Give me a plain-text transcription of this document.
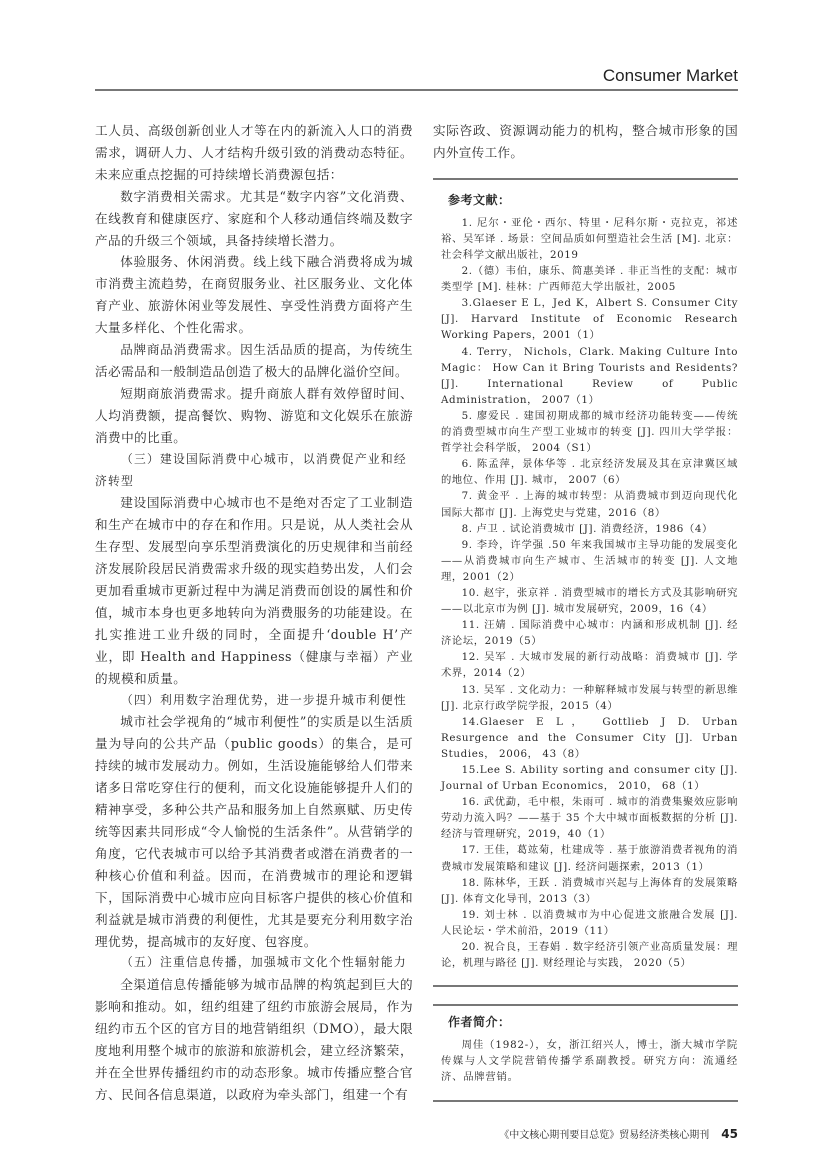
Consumer Market

工人员、高级创新创业人才等在内的新流入人口的消费需求，调研人力、人才结构升级引致的消费动态特征。未来应重点挖掘的可持续增长消费源包括：

数字消费相关需求。尤其是“数字内容”文化消费、在线教育和健康医疗、家庭和个人移动通信终端及数字产品的升级三个领域，具备持续增长潜力。

体验服务、休闲消费。线上线下融合消费将成为城市消费主流趋势，在商贸服务业、社区服务业、文化体育产业、旅游休闲业等发展性、享受性消费方面将产生大量多样化、个性化需求。

品牌商品消费需求。因生活品质的提高，为传统生活必需品和一般制造品创造了极大的品牌化溢价空间。

短期商旅消费需求。提升商旅人群有效停留时间、人均消费额，提高餐饮、购物、游览和文化娱乐在旅游消费中的比重。

（三）建设国际消费中心城市，以消费促产业和经济转型

建设国际消费中心城市也不是绝对否定了工业制造和生产在城市中的存在和作用。只是说，从人类社会从生存型、发展型向享乐型消费演化的历史规律和当前经济发展阶段居民消费需求升级的现实趋势出发，人们会更加看重城市更新过程中为满足消费而创设的属性和价值，城市本身也更多地转向为消费服务的功能建设。在扎实推进工业升级的同时，全面提升‘double H’产业，即 Health and Happiness（健康与幸福）产业的规模和质量。

（四）利用数字治理优势，进一步提升城市利便性

城市社会学视角的“城市利便性”的实质是以生活质量为导向的公共产品（public goods）的集合，是可持续的城市发展动力。例如，生活设施能够给人们带来诸多日常吃穿住行的便利，而文化设施能够提升人们的精神享受，多种公共产品和服务加上自然禀赋、历史传统等因素共同形成“令人愉悦的生活条件”。从营销学的角度，它代表城市可以给予其消费者或潜在消费者的一种核心价值和利益。因而，在消费城市的理论和逻辑下，国际消费中心城市应向目标客户提供的核心价值和利益就是城市消费的利便性，尤其是要充分利用数字治理优势，提高城市的友好度、包容度。

（五）注重信息传播，加强城市文化个性辐射能力

全渠道信息传播能够为城市品牌的构筑起到巨大的影响和推动。如，纽约组建了纽约市旅游会展局，作为纽约市五个区的官方目的地营销组织（DMO），最大限度地利用整个城市的旅游和旅游机会，建立经济繁荣，并在全世界传播纽约市的动态形象。城市传播应整合官方、民间各信息渠道，以政府为牵头部门，组建一个有

实际咨政、资源调动能力的机构，整合城市形象的国内外宣传工作。

参考文献：

1. 尼尔・亚伦・西尔、特里・尼科尔斯・克拉克，祁述裕、吴军译 . 场景：空间品质如何塑造社会生活 [M]. 北京：社会科学文献出版社，2019

2.（德）韦伯，康乐、简惠美译 . 非正当性的支配：城市类型学 [M]. 桂林：广西师范大学出版社，2005

3.Glaeser E L，Jed K，Albert S. Consumer City [J]. Harvard Institute of Economic Research Working Papers，2001（1）

4. Terry， Nichols，Clark. Making Culture Into Magic： How Can it Bring Tourists and Residents?[J]. International Review of Public Administration， 2007（1）

5. 廖爱民 . 建国初期成都的城市经济功能转变——传统的消费型城市向生产型工业城市的转变 [J]. 四川大学学报：哲学社会科学版， 2004（S1）

6. 陈孟萍，景体华等 . 北京经济发展及其在京津冀区域的地位、作用 [J]. 城市， 2007（6）

7. 黄金平 . 上海的城市转型：从消费城市到迈向现代化国际大都市 [J]. 上海党史与党建，2016（8）

8. 卢卫 . 试论消费城市 [J]. 消费经济，1986（4）

9. 李玲，许学强 .50 年来我国城市主导功能的发展变化——从消费城市向生产城市、生活城市的转变 [J]. 人文地理，2001（2）

10. 赵宇，张京祥 . 消费型城市的增长方式及其影响研究——以北京市为例 [J]. 城市发展研究，2009，16（4）

11. 汪婧 . 国际消费中心城市：内涵和形成机制 [J]. 经济论坛，2019（5）

12. 吴军 . 大城市发展的新行动战略：消费城市 [J]. 学术界，2014（2）

13. 吴军 . 文化动力：一种解释城市发展与转型的新思维 [J]. 北京行政学院学报，2015（4）

14.Glaeser E L， Gottlieb J D. Urban Resurgence and the Consumer City [J]. Urban Studies， 2006， 43（8）

15.Lee S. Ability sorting and consumer city [J]. Journal of Urban Economics， 2010， 68（1）

16. 武优勐，毛中根，朱雨可 . 城市的消费集聚效应影响劳动力流入吗？——基于 35 个大中城市面板数据的分析 [J]. 经济与管理研究，2019，40（1）

17. 王佳，葛竑菊，杜建成等 . 基于旅游消费者视角的消费城市发展策略和建议 [J]. 经济问题探索，2013（1）

18. 陈林华，王跃 . 消费城市兴起与上海体育的发展策略 [J]. 体育文化导刊，2013（3）

19. 刘士林 . 以消费城市为中心促进文旅融合发展 [J]. 人民论坛・学术前沿，2019（11）

20. 祝合良，王春娟 . 数字经济引领产业高质量发展：理论，机理与路径 [J]. 财经理论与实践， 2020（5）

作者简介：

周佳（1982-），女，浙江绍兴人，博士，浙大城市学院传媒与人文学院营销传播学系副教授。研究方向：流通经济、品牌营销。

《中文核心期刊要目总览》贸易经济类核心期刊 45
